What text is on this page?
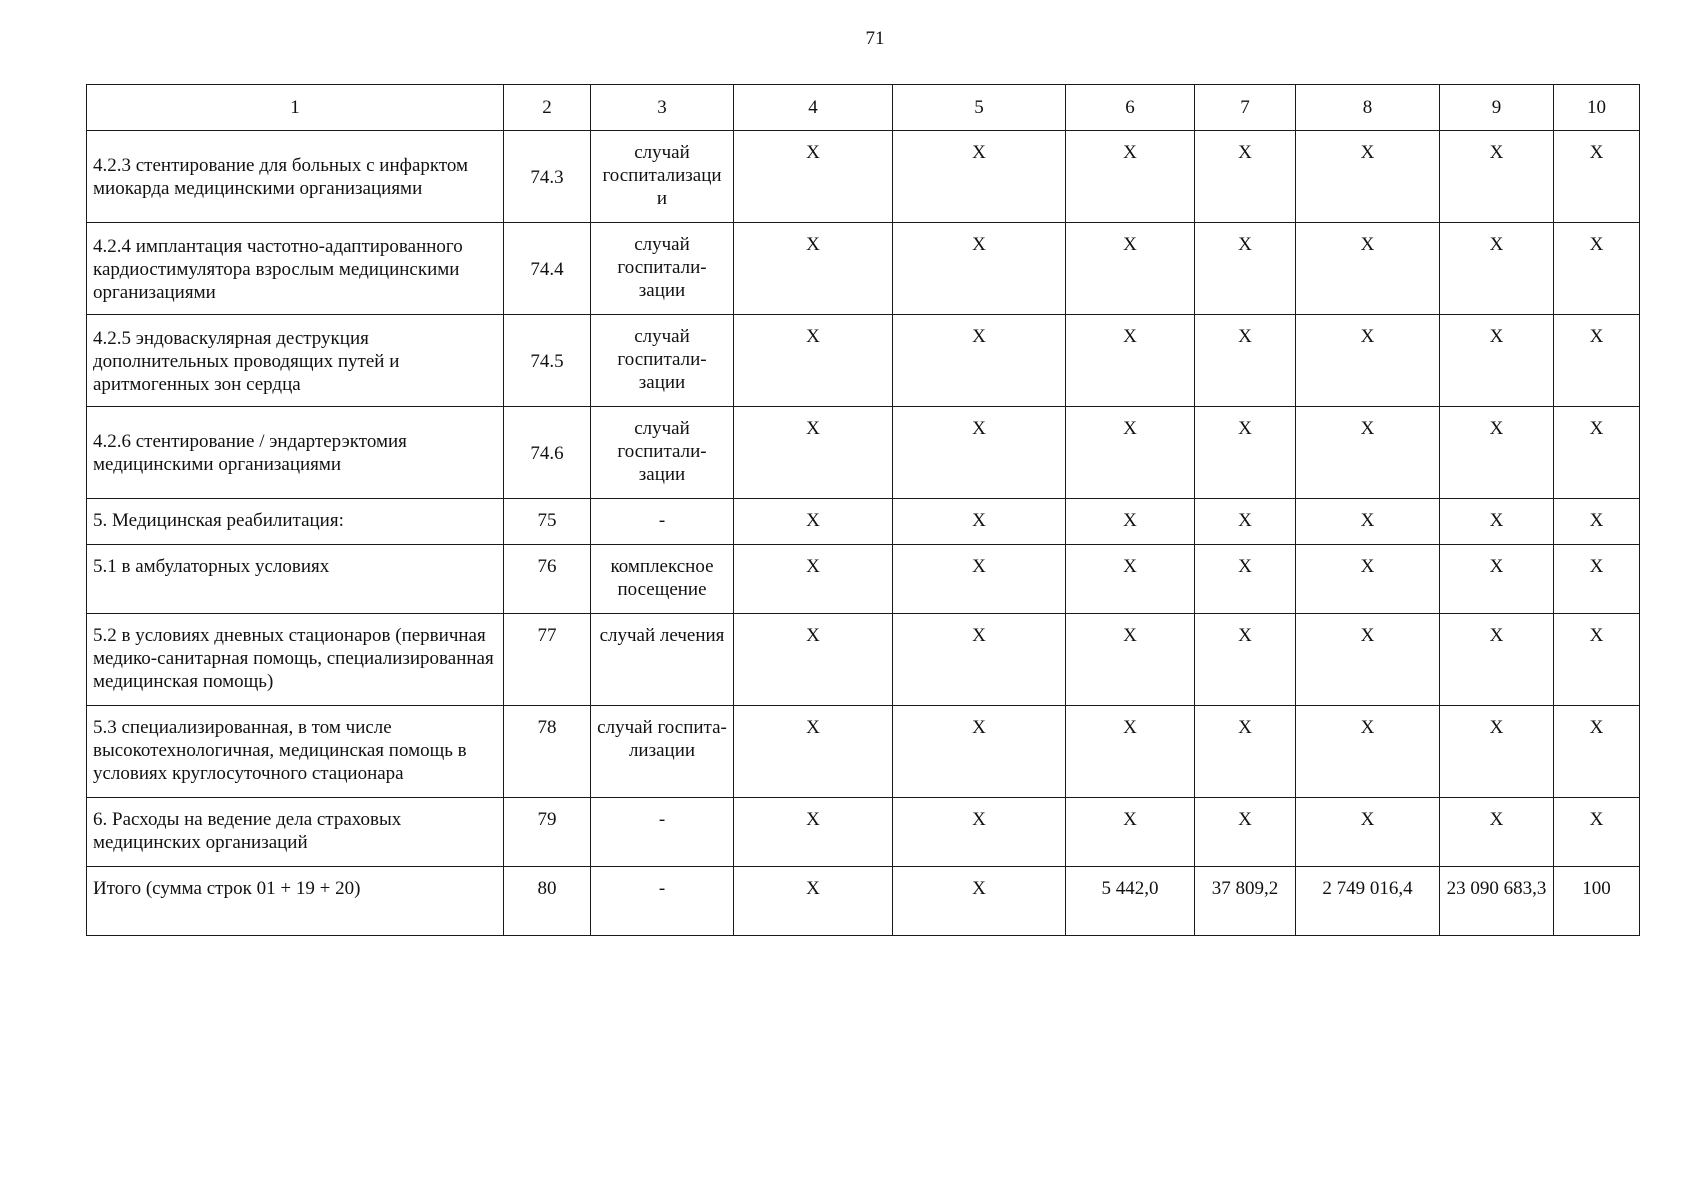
71
1	2	3	4	5	6	7	8	9	10
4.2.3 стентирование для больных с инфарктом миокарда медицинскими организациями	74.3	случай госпитализаци и	X	X	X	X	X	X	X
4.2.4 имплантация частотно-адаптированного кардиостимулятора взрослым медицинскими организациями	74.4	случай госпитали-зации	X	X	X	X	X	X	X
4.2.5 эндоваскулярная деструкция дополнительных проводящих путей и аритмогенных зон сердца	74.5	случай госпитали-зации	X	X	X	X	X	X	X
4.2.6 стентирование / эндартерэктомия медицинскими организациями	74.6	случай госпитали-зации	X	X	X	X	X	X	X
5. Медицинская реабилитация:	75	-	X	X	X	X	X	X	X
5.1 в амбулаторных условиях	76	комплексное посещение	X	X	X	X	X	X	X
5.2 в условиях дневных стационаров (первичная медико-санитарная помощь, специализированная медицинская помощь)	77	случай лечения	X	X	X	X	X	X	X
5.3 специализированная, в том числе высокотехнологичная, медицинская помощь в условиях круглосуточного стационара	78	случай госпита-лизации	X	X	X	X	X	X	X
6. Расходы на ведение дела страховых медицинских организаций	79	-	X	X	X	X	X	X	X
Итого (сумма строк 01 + 19 + 20)	80	-	X	X	5 442,0	37 809,2	2 749 016,4	23 090 683,3	100
